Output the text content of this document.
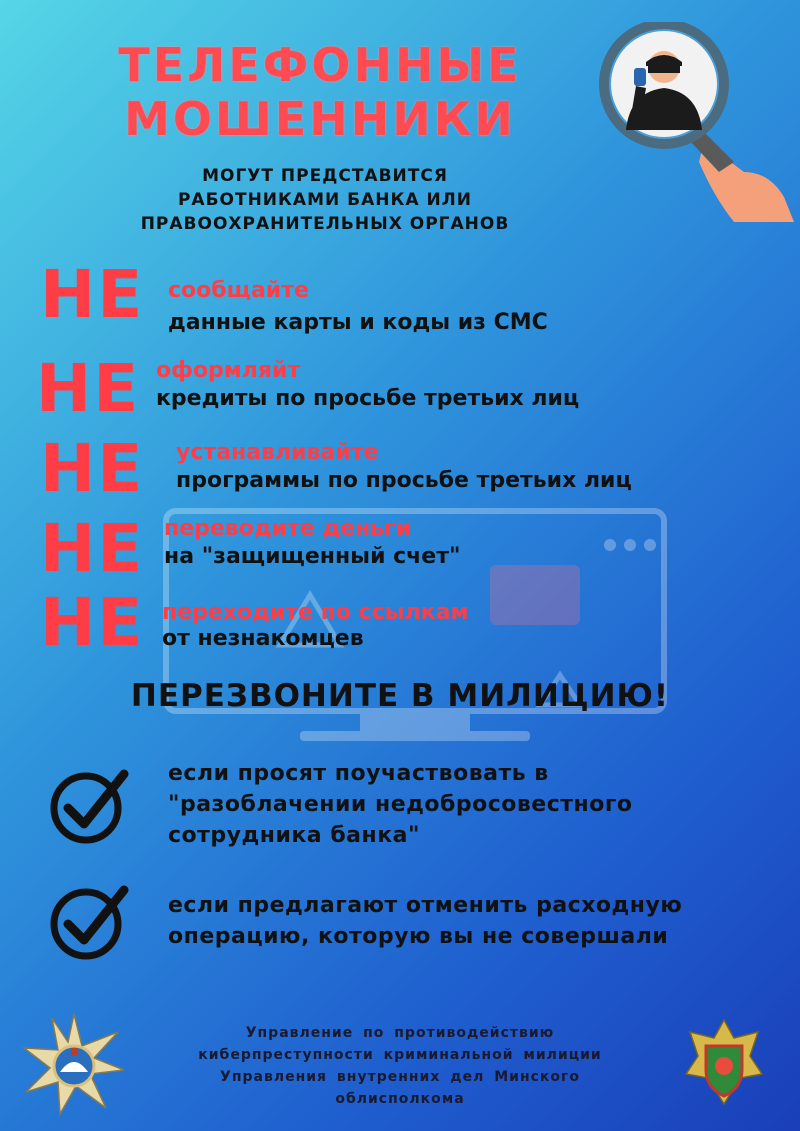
ТЕЛЕФОННЫЕ
МОШЕННИКИ
МОГУТ ПРЕДСТАВИТСЯ
РАБОТНИКАМИ БАНКА ИЛИ
ПРАВООХРАНИТЕЛЬНЫХ ОРГАНОВ
НЕ сообщайте
данные карты и коды из СМС
НЕ оформляйт
кредиты по просьбе третьих лиц
НЕ устанавливайте
программы по просьбе третьих лиц
НЕ переводите деньги
на "защищенный счет"
НЕ переходите по ссылкам
от незнакомцев
ПЕРЕЗВОНИТЕ В МИЛИЦИЮ!
если просят поучаствовать в
"разоблачении недобросовестного
сотрудника банка"
если предлагают отменить расходную
операцию, которую вы не совершали
Управление по противодействию
киберпреступности криминальной милиции
Управления внутренних дел Минского
облисполкома
